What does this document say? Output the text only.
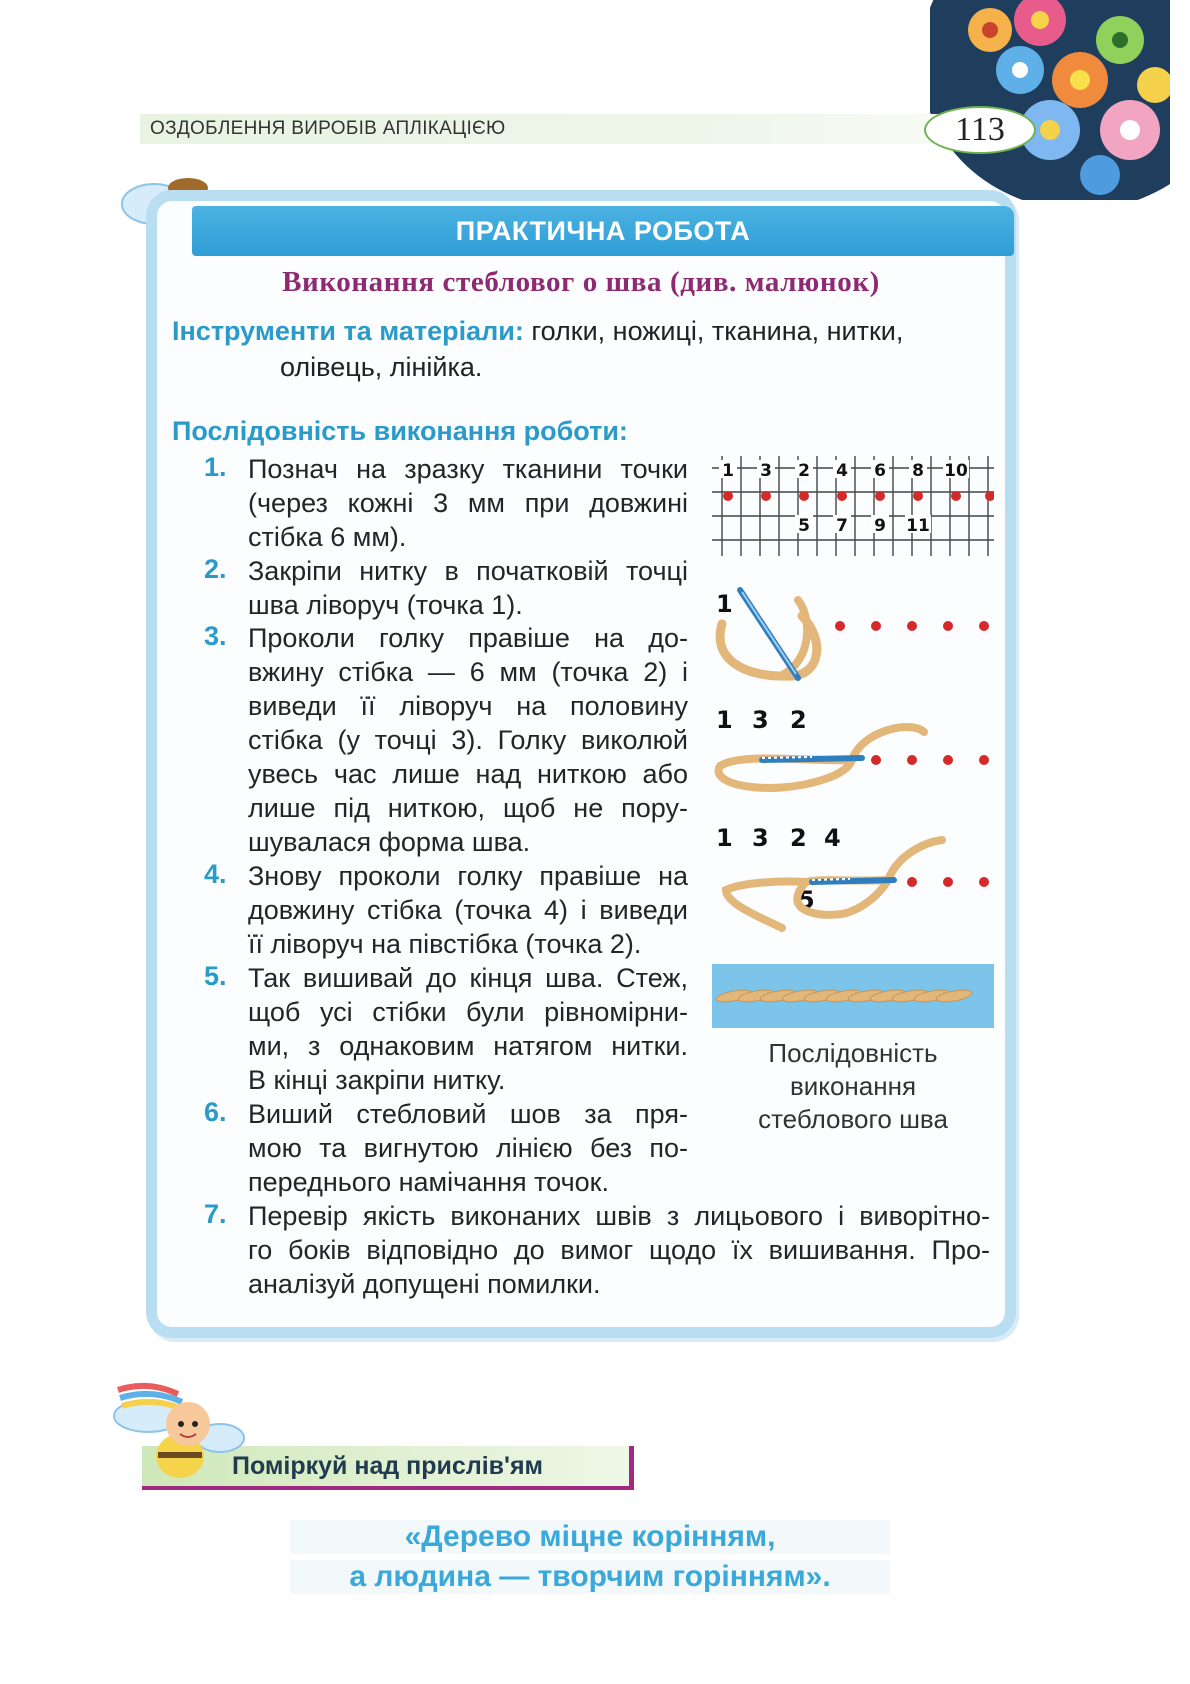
ОЗДОБЛЕННЯ ВИРОБІВ АПЛІКАЦІЄЮ	113
ПРАКТИЧНА РОБОТА
Виконання стебловог о шва (див. малюнок)
Інструменти та матеріали: голки, ножиці, тканина, нитки,
олівець, лінійка.
Послідовність виконання роботи:
1. Познач на зразку тканини точки
(через кожні 3 мм при довжині
стібка 6 мм).
2. Закріпи нитку в початковій точці
шва ліворуч (точка 1).
3. Проколи голку правіше на до-
вжину стібка — 6 мм (точка 2) і
виведи її ліворуч на половину
стібка (у точці 3). Голку виколюй
увесь час лише над ниткою або
лише під ниткою, щоб не пору-
шувалася форма шва.
4. Знову проколи голку правіше на
довжину стібка (точка 4) і виведи
її ліворуч на півстібка (точка 2).
5. Так вишивай до кінця шва. Стеж,
щоб усі стібки були рівномірни-
ми, з однаковим натягом нитки.
В кінці закріпи нитку.
6. Виший стебловий шов за пря-
мою та вигнутою лінією без по-
переднього намічання точок.
7. Перевір якість виконаних швів з лицьового і виворітно-
го боків відповідно до вимог щодо їх вишивання. Про-
аналізуй допущені помилки.
1 3 2 4 6 8 10
5 7 9 11
1
1 3 2
1 3 2 4
5
Послідовність
виконання
стеблового шва
Поміркуй над прислів'ям
«Дерево міцне корінням,
а людина — творчим горінням».
